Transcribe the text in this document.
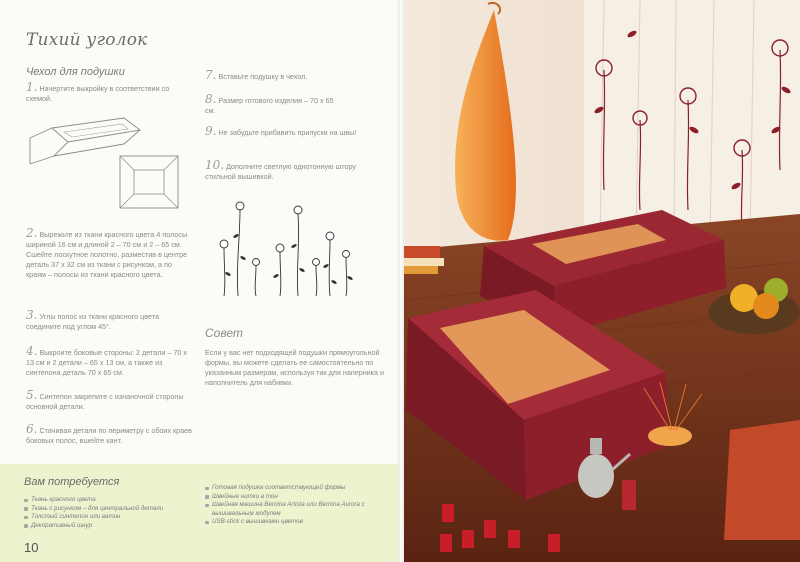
Тихий уголок
Чехол для подушки
1. Начертите выкройку в соответствии со схемой.
2. Вырежьте из ткани красного цвета 4 полосы шириной 16 см и длиной 2 – 70 см и 2 – 65 см. Сшейте лоскутное полотно, разместив в центре деталь 37 х 32 см из ткани с рисунком, а по краям – полосы из ткани красного цвета.
3. Углы полос из ткани красного цвета соедините под углом 45°.
4. Выкроите боковые стороны: 2 детали – 70 х 13 см и 2 детали – 65 х 13 см, а также из синтепона деталь 70 х 65 см.
5. Синтепон закрепите с изнаночной стороны основной детали.
6. Стачивая детали по периметру с обоих краев боковых полос, вшейте кант.
7. Вставьте подушку в чехол.
8. Размер готового изделия – 70 х 65 см.
9. Не забудьте прибавить припуски на швы!
10. Дополните светлую однотонную штору стильной вышивкой.
Совет
Если у вас нет подходящей подушки прямоугольной формы, вы можете сделать ее самостоятельно по указанным размерам, используя тик для наперника и наполнитель для набивки.
Вам потребуется
Ткань красного цвета
Ткань с рисунком – для центральной детали
Толстый синтепон или ватин
Декоративный шнур
Готовая подушка соответствующей формы
Швейные нитки в тон
Швейная машина Bernina Artista или Bernina Aurora с вышивальным модулем
USB-stick с вышивками цветов
10
